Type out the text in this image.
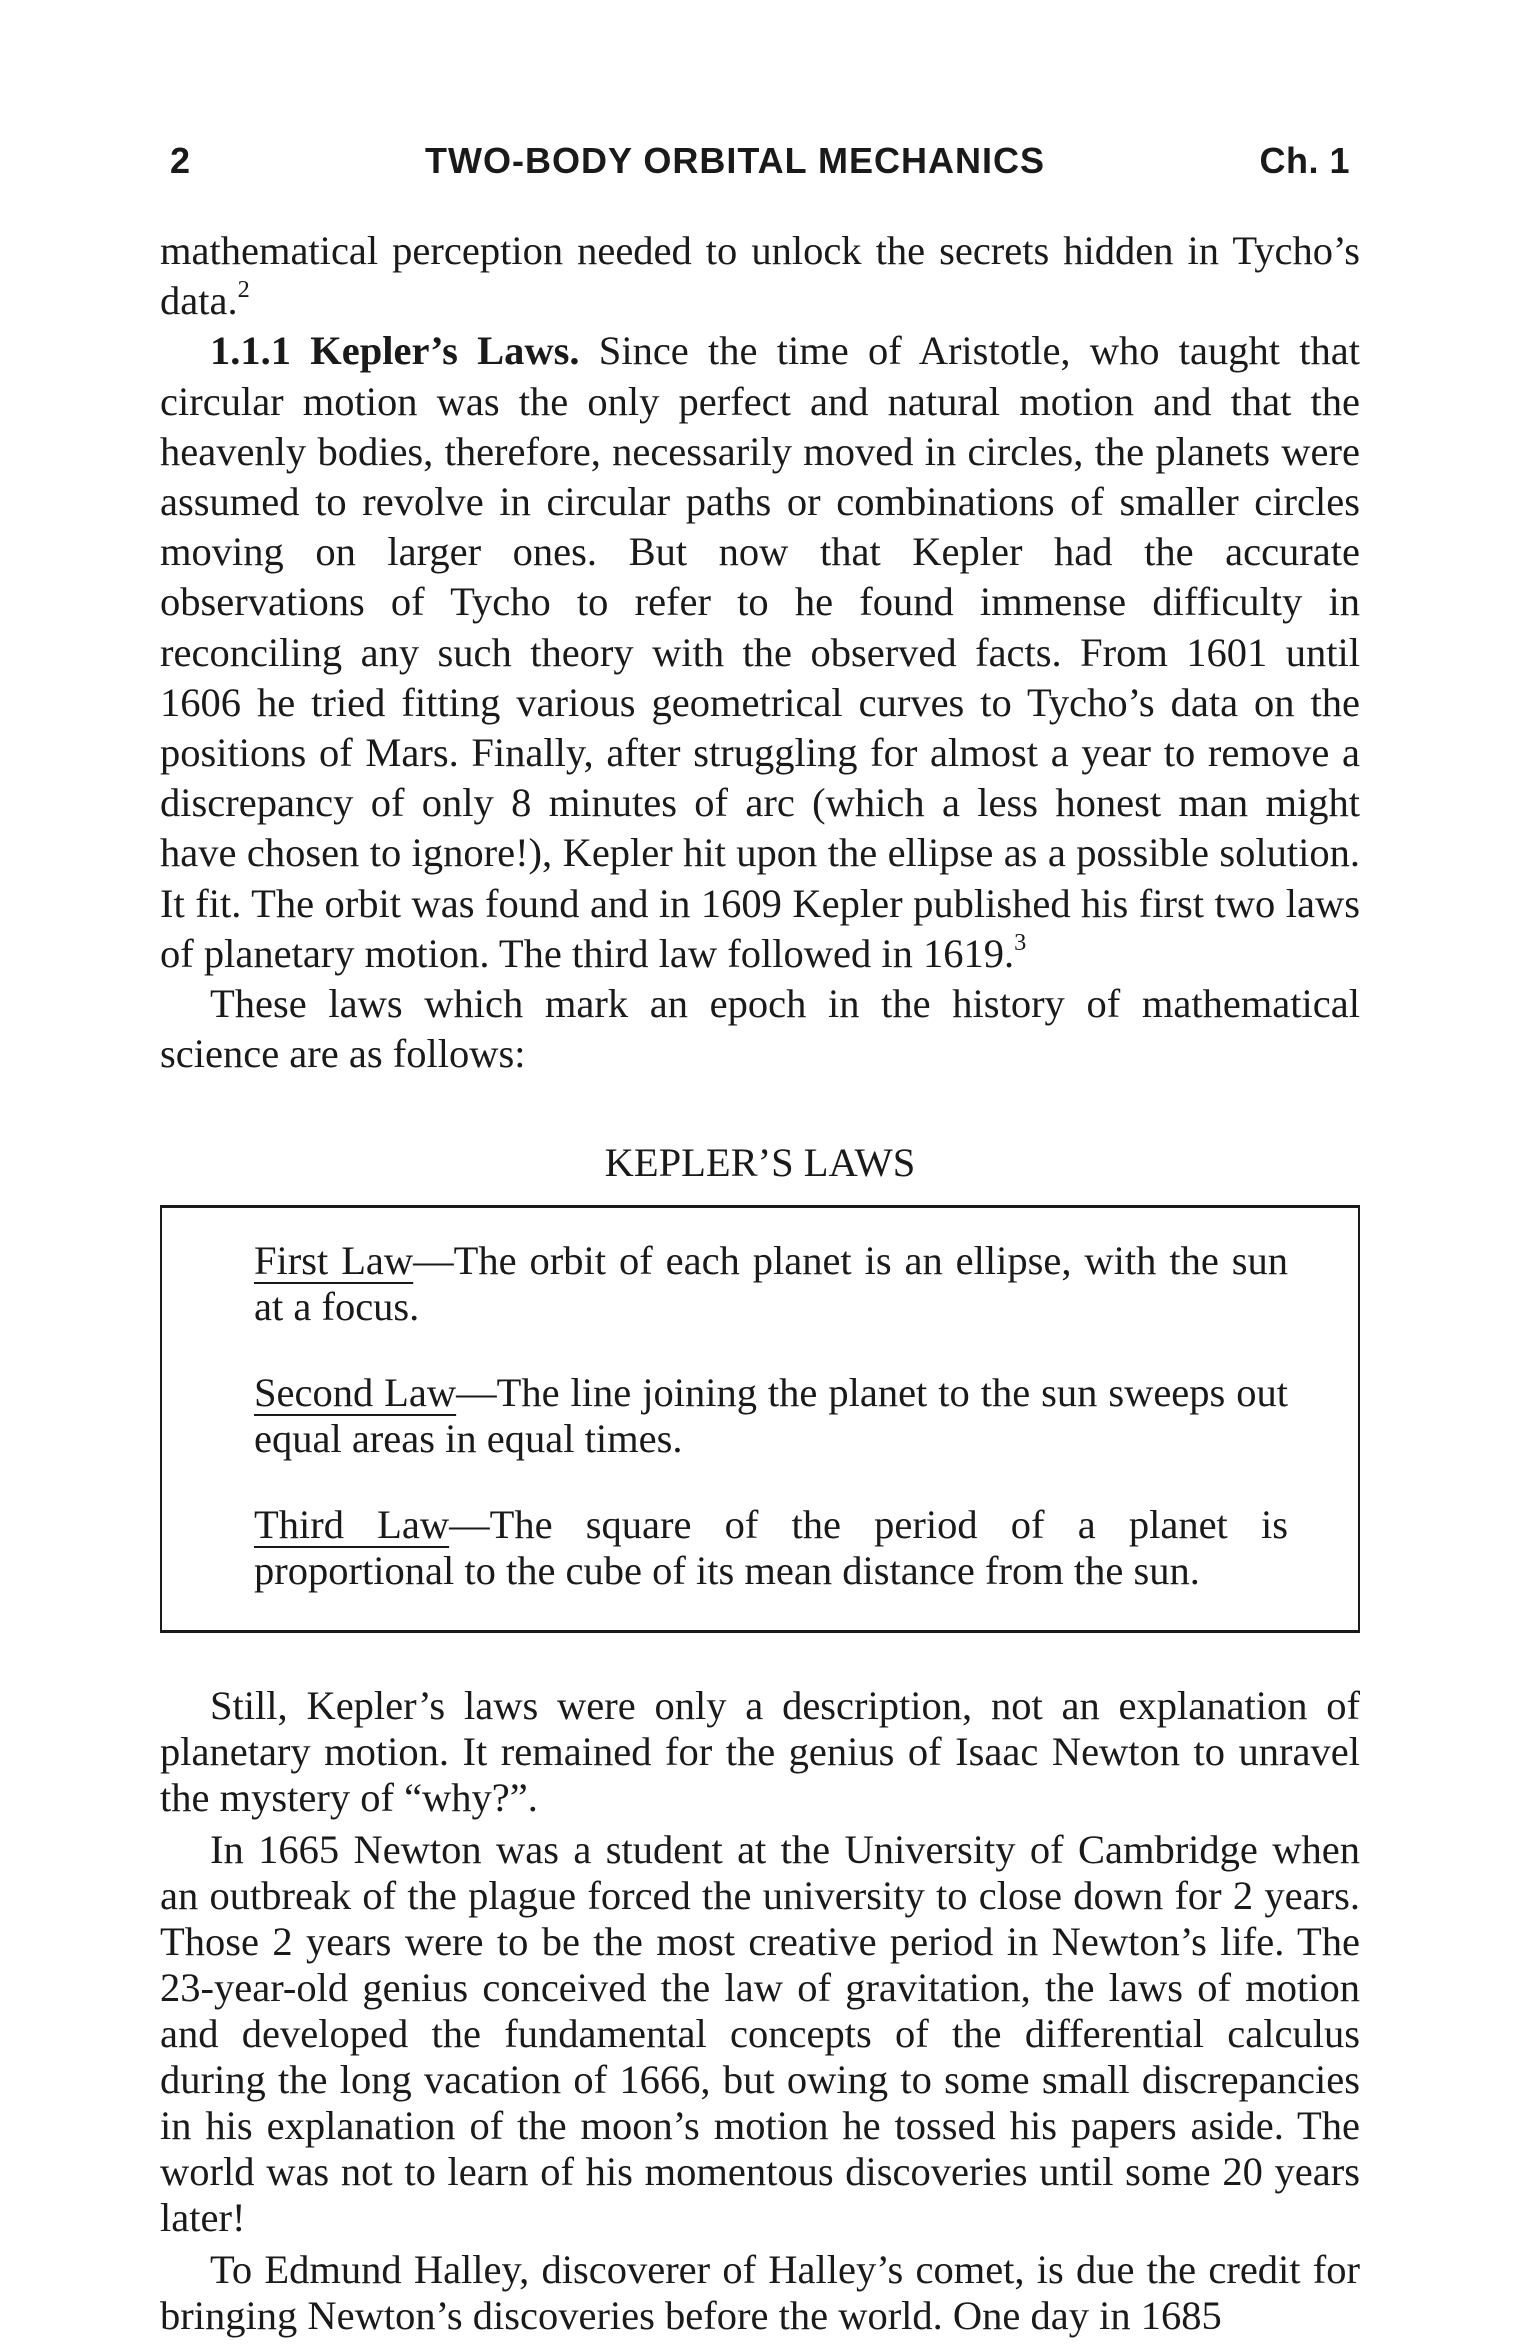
2	TWO-BODY ORBITAL MECHANICS	Ch. 1

mathematical perception needed to unlock the secrets hidden in Tycho’s data.$^2$

1.1.1 Kepler’s Laws. Since the time of Aristotle, who taught that circular motion was the only perfect and natural motion and that the heavenly bodies, therefore, necessarily moved in circles, the planets were assumed to revolve in circular paths or combinations of smaller circles moving on larger ones. But now that Kepler had the accurate observations of Tycho to refer to he found immense difficulty in reconciling any such theory with the observed facts. From 1601 until 1606 he tried fitting various geometrical curves to Tycho’s data on the positions of Mars. Finally, after struggling for almost a year to remove a discrepancy of only 8 minutes of arc (which a less honest man might have chosen to ignore!), Kepler hit upon the ellipse as a possible solution. It fit. The orbit was found and in 1609 Kepler published his first two laws of planetary motion. The third law followed in 1619.$^3$

These laws which mark an epoch in the history of mathematical science are as follows:

KEPLER’S LAWS

First Law—The orbit of each planet is an ellipse, with the sun at a focus.

Second Law—The line joining the planet to the sun sweeps out equal areas in equal times.

Third Law—The square of the period of a planet is proportional to the cube of its mean distance from the sun.

Still, Kepler’s laws were only a description, not an explanation of planetary motion. It remained for the genius of Isaac Newton to unravel the mystery of “why?”.

In 1665 Newton was a student at the University of Cambridge when an outbreak of the plague forced the university to close down for 2 years. Those 2 years were to be the most creative period in Newton’s life. The 23-year-old genius conceived the law of gravitation, the laws of motion and developed the fundamental concepts of the differential calculus during the long vacation of 1666, but owing to some small discrepancies in his explanation of the moon’s motion he tossed his papers aside. The world was not to learn of his momentous discoveries until some 20 years later!

To Edmund Halley, discoverer of Halley’s comet, is due the credit for bringing Newton’s discoveries before the world. One day in 1685
